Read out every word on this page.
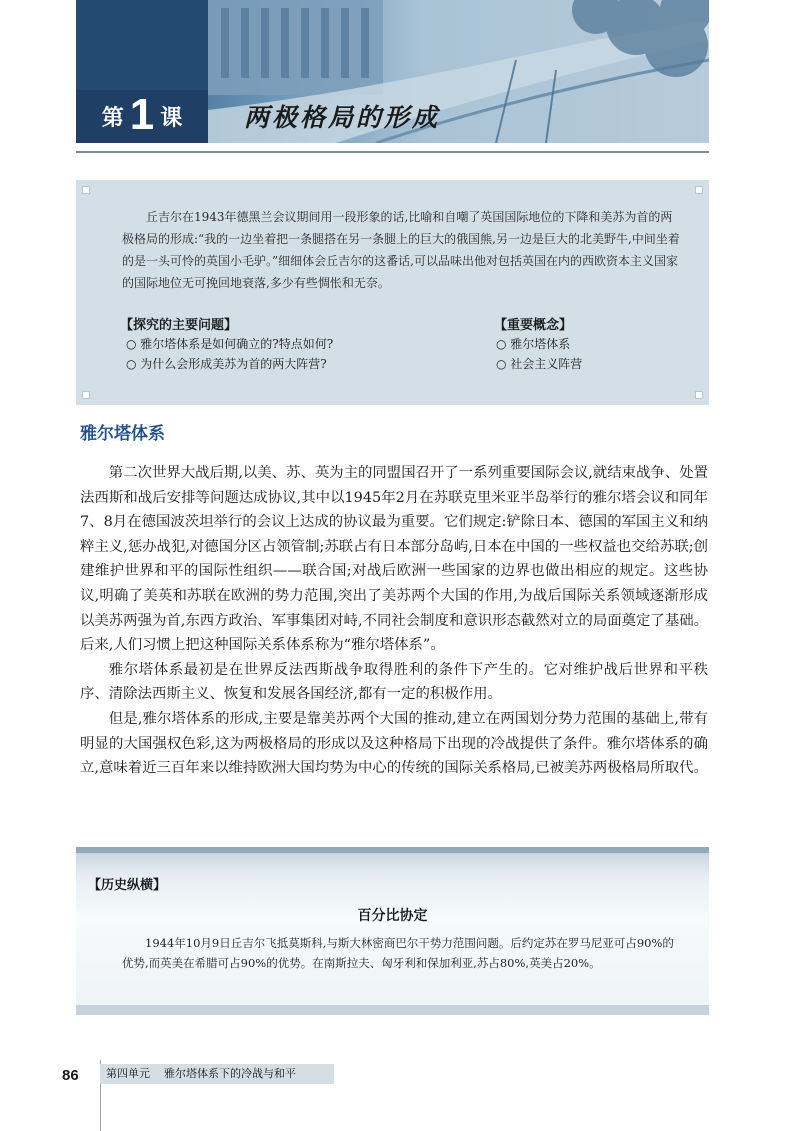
第 1 课 两极格局的形成

丘吉尔在1943年德黑兰会议期间用一段形象的话,比喻和自嘲了英国国际地位的下降和美苏为首的两极格局的形成:“我的一边坐着把一条腿搭在另一条腿上的巨大的俄国熊,另一边是巨大的北美野牛,中间坐着的是一头可怜的英国小毛驴。”细细体会丘吉尔的这番话,可以品味出他对包括英国在内的西欧资本主义国家的国际地位无可挽回地衰落,多少有些惆怅和无奈。

【探究的主要问题】
○ 雅尔塔体系是如何确立的?特点如何?
○ 为什么会形成美苏为首的两大阵营?
【重要概念】
○ 雅尔塔体系
○ 社会主义阵营
雅尔塔体系

第二次世界大战后期,以美、苏、英为主的同盟国召开了一系列重要国际会议,就结束战争、处置法西斯和战后安排等问题达成协议,其中以1945年2月在苏联克里米亚半岛举行的雅尔塔会议和同年7、8月在德国波茨坦举行的会议上达成的协议最为重要。它们规定:铲除日本、德国的军国主义和纳粹主义,惩办战犯,对德国分区占领管制;苏联占有日本部分岛屿,日本在中国的一些权益也交给苏联;创建维护世界和平的国际性组织——联合国;对战后欧洲一些国家的边界也做出相应的规定。这些协议,明确了美英和苏联在欧洲的势力范围,突出了美苏两个大国的作用,为战后国际关系领域逐渐形成以美苏两强为首,东西方政治、军事集团对峙,不同社会制度和意识形态截然对立的局面奠定了基础。后来,人们习惯上把这种国际关系体系称为“雅尔塔体系”。

雅尔塔体系最初是在世界反法西斯战争取得胜利的条件下产生的。它对维护战后世界和平秩序、清除法西斯主义、恢复和发展各国经济,都有一定的积极作用。

但是,雅尔塔体系的形成,主要是靠美苏两个大国的推动,建立在两国划分势力范围的基础上,带有明显的大国强权色彩,这为两极格局的形成以及这种格局下出现的冷战提供了条件。雅尔塔体系的确立,意味着近三百年来以维持欧洲大国均势为中心的传统的国际关系格局,已被美苏两极格局所取代。

【历史纵横】
百分比协定

1944年10月9日丘吉尔飞抵莫斯科,与斯大林密商巴尔干势力范围问题。后约定苏在罗马尼亚可占90%的优势,而英美在希腊可占90%的优势。在南斯拉夫、匈牙利和保加利亚,苏占80%,英美占20%。

86	第四单元 雅尔塔体系下的冷战与和平
